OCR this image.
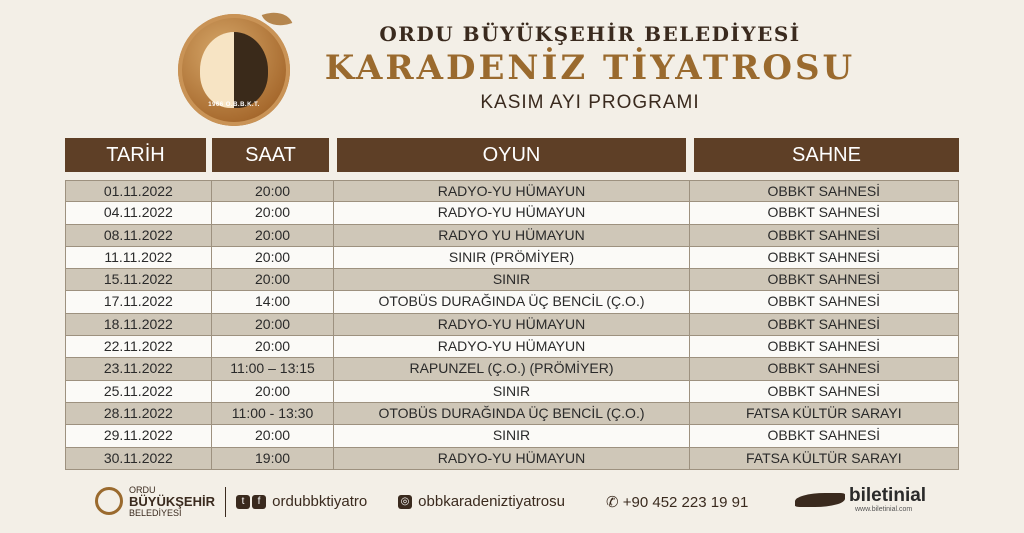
1966 O.B.B.K.T.
ORDU BÜYÜKŞEHİR BELEDİYESİ
KARADENİZ TİYATROSU
KASIM AYI PROGRAMI
TARİH	SAAT	OYUN	SAHNE
01.11.2022	20:00	RADYO-YU HÜMAYUN	OBBKT SAHNESİ
04.11.2022	20:00	RADYO-YU HÜMAYUN	OBBKT SAHNESİ
08.11.2022	20:00	RADYO YU HÜMAYUN	OBBKT SAHNESİ
11.11.2022	20:00	SINIR (PRÖMİYER)	OBBKT SAHNESİ
15.11.2022	20:00	SINIR	OBBKT SAHNESİ
17.11.2022	14:00	OTOBÜS DURAĞINDA ÜÇ BENCİL (Ç.O.)	OBBKT SAHNESİ
18.11.2022	20:00	RADYO-YU HÜMAYUN	OBBKT SAHNESİ
22.11.2022	20:00	RADYO-YU HÜMAYUN	OBBKT SAHNESİ
23.11.2022	11:00 – 13:15	RAPUNZEL (Ç.O.) (PRÖMİYER)	OBBKT SAHNESİ
25.11.2022	20:00	SINIR	OBBKT SAHNESİ
28.11.2022	11:00 - 13:30	OTOBÜS DURAĞINDA ÜÇ BENCİL (Ç.O.)	FATSA KÜLTÜR SARAYI
29.11.2022	20:00	SINIR	OBBKT SAHNESİ
30.11.2022	19:00	RADYO-YU HÜMAYUN	FATSA KÜLTÜR SARAYI
ORDU
BÜYÜKŞEHİR
BELEDİYESİ
t f ordubbktiyatro	◎ obbkaradeniztiyatrosu	✆ +90 452 223 19 91	biletinial
www.biletinial.com
